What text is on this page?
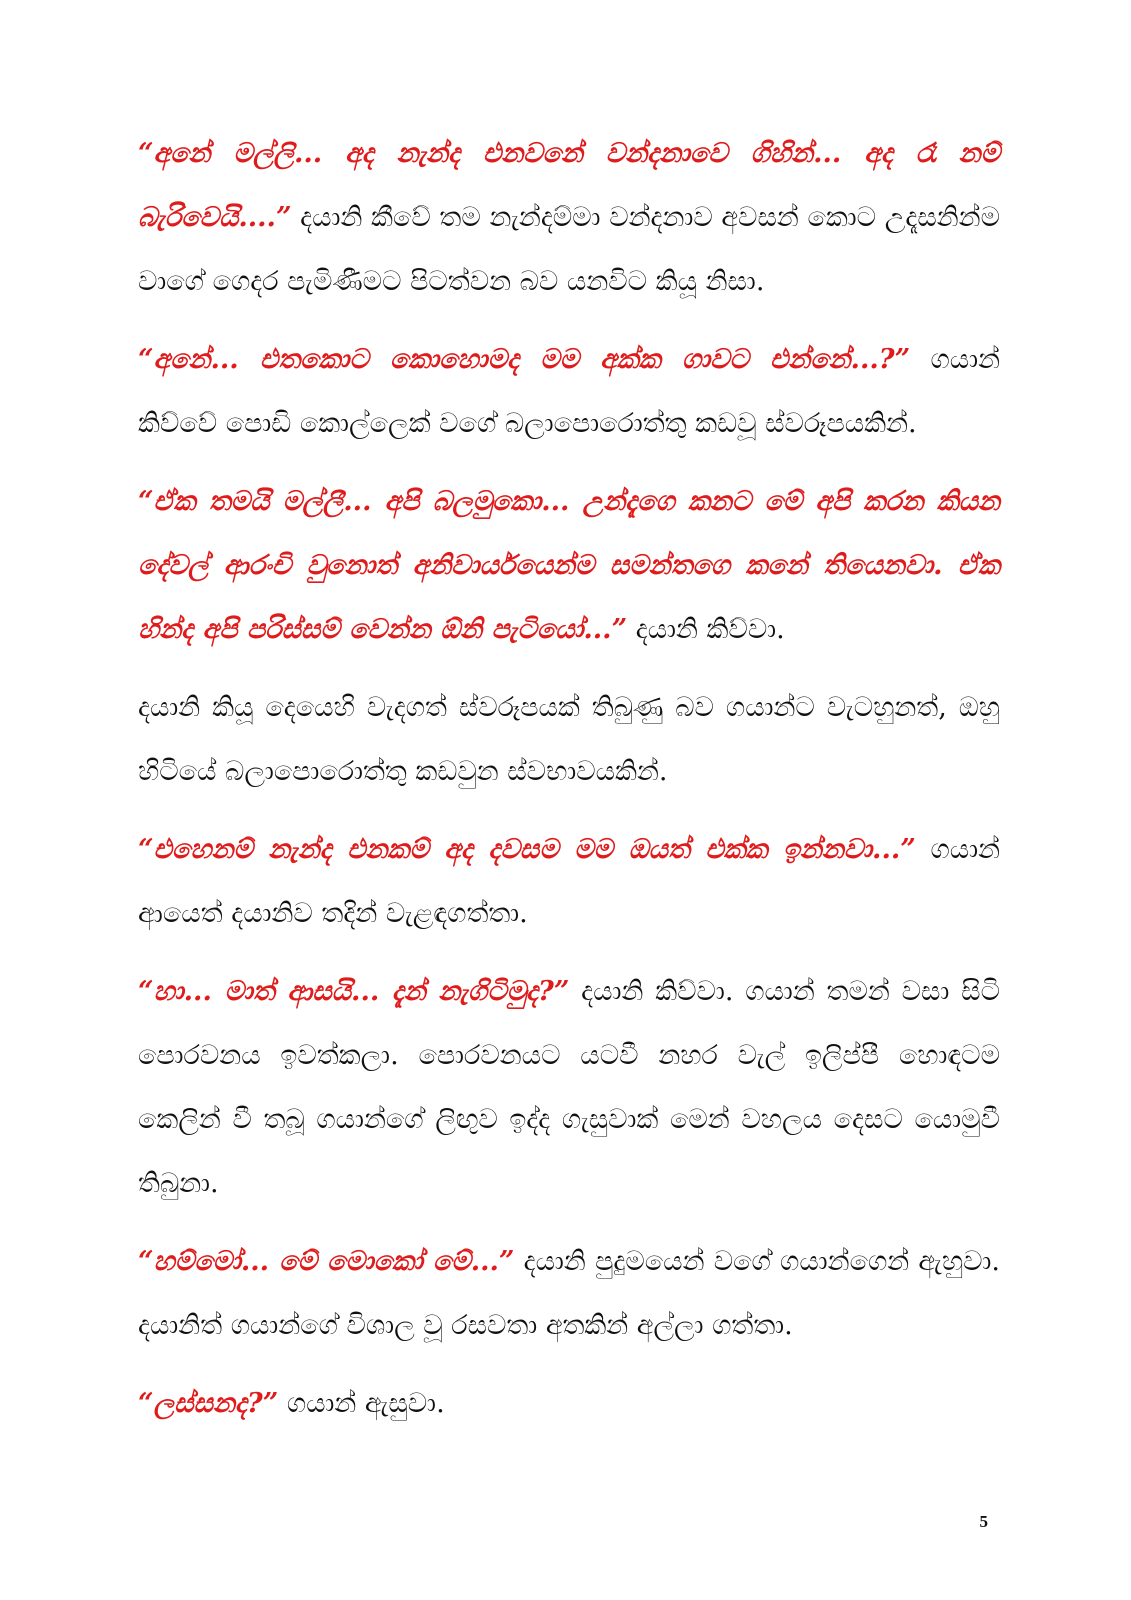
“අනේ මල්ලි... අද නැන්ද එනවනේ වන්දනාවෙ ගිහින්... අද රෑ නම් බැරිවෙයි....” දයානි කීවේ තම නැන්දම්මා වන්දනාව අවසන් කොට උදෑසනින්ම වාගේ ගෙදර පැමිණීමට පිටත්වන බව යනවිට කියූ නිසා.

“අනේ... එතකොට කොහොමද මම අක්ක ගාවට එන්නේ...?” ගයාන් කිව්වේ පොඩි කොල්ලෙක් වගේ බලාපොරොත්තු කඩවූ ස්වරූපයකින්.

“ඒක තමයි මල්ලී... අපි බලමුකො... උන්දැගෙ කනට මේ අපි කරන කියන දේවල් ආරංචි වුනොත් අනිවාර්යයෙන්ම සමන්තගෙ කනේ තියෙනවා. ඒක හින්ද අපි පරිස්සම් වෙන්න ඕනි පැටියෝ...” දයානි කිව්වා.

දයානි කියූ දෙයෙහි වැදගත් ස්වරූපයක් තිබුණු බව ගයාන්ට වැටහුනත්, ඔහු හිටියේ බලාපොරොත්තු කඩවුන ස්වභාවයකින්.

“එහෙනම් නැන්ද එනකම් අද දවසම මම ඔයත් එක්ක ඉන්නවා...” ගයාන් ආයෙත් දයානිව තදින් වැළඳගත්තා.

“හා... මාත් ආසයි... දැන් නැගිටිමුද?” දයානි කිව්වා. ගයාන් තමන් වසා සිටි පොරවනය ඉවත්කලා. පොරවනයට යටවී නහර වැල් ඉලිප්පී හොඳටම කෙලින් වී තබූ ගයාන්ගේ ලිඟුව ඉද්ද ගැසුවාක් මෙන් වහලය දෙසට යොමුවී තිබුනා.

“හම්මෝ... මේ මොකෝ මේ...” දයානි පුදුමයෙන් වගේ ගයාන්ගෙන් ඇහුවා. දයානිත් ගයාන්ගේ විශාල වූ රසවතා අතකින් අල්ලා ගත්තා.

“ලස්සනද?” ගයාන් ඇසුවා.

5
